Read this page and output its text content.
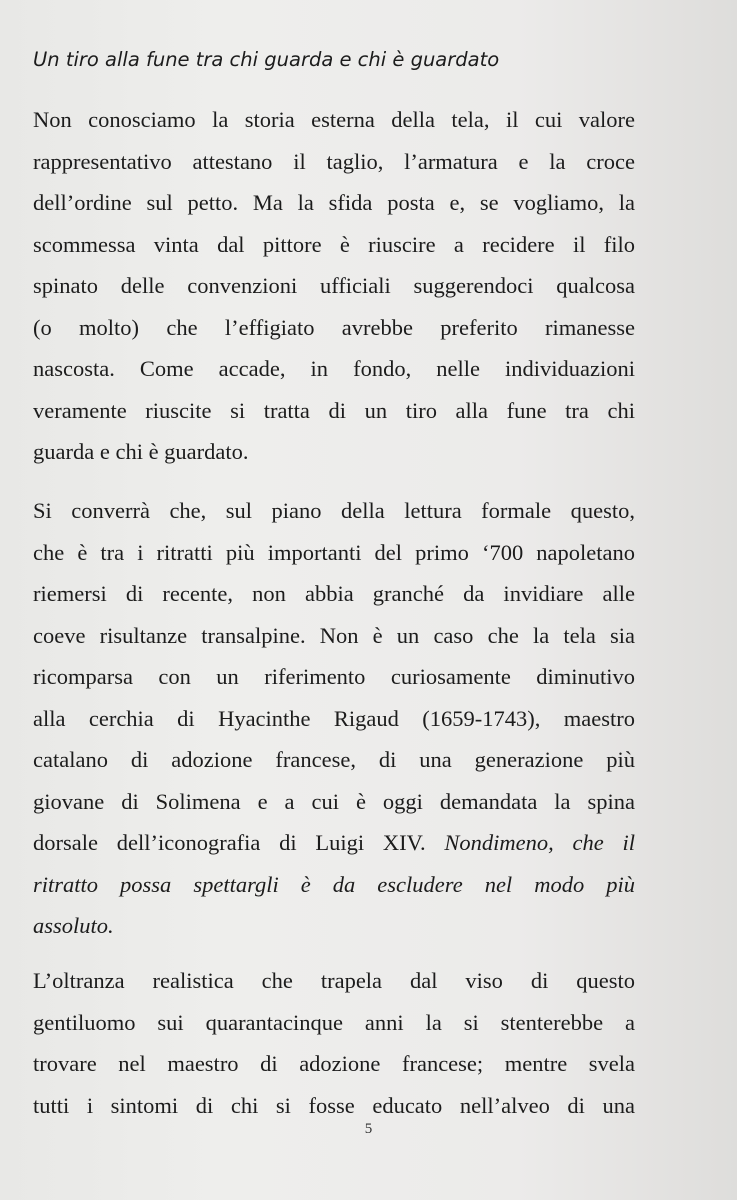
Un tiro alla fune tra chi guarda e chi è guardato
Non conosciamo la storia esterna della tela, il cui valore
rappresentativo attestano il taglio, l’armatura e la croce
dell’ordine sul petto. Ma la sfida posta e, se vogliamo, la
scommessa vinta dal pittore è riuscire a recidere il filo
spinato delle convenzioni ufficiali suggerendoci qualcosa
(o molto) che l’effigiato avrebbe preferito rimanesse
nascosta. Come accade, in fondo, nelle individuazioni
veramente riuscite si tratta di un tiro alla fune tra chi
guarda e chi è guardato.
Si converrà che, sul piano della lettura formale questo,
che è tra i ritratti più importanti del primo ‘700 napoletano
riemersi di recente, non abbia granché da invidiare alle
coeve risultanze transalpine. Non è un caso che la tela sia
ricomparsa con un riferimento curiosamente diminutivo
alla cerchia di Hyacinthe Rigaud (1659-1743), maestro
catalano di adozione francese, di una generazione più
giovane di Solimena e a cui è oggi demandata la spina
dorsale dell’iconografia di Luigi XIV. Nondimeno, che il
ritratto possa spettargli è da escludere nel modo più
assoluto.
L’oltranza realistica che trapela dal viso di questo
gentiluomo sui quarantacinque anni la si stenterebbe a
trovare nel maestro di adozione francese; mentre svela
tutti i sintomi di chi si fosse educato nell’alveo di una
5
